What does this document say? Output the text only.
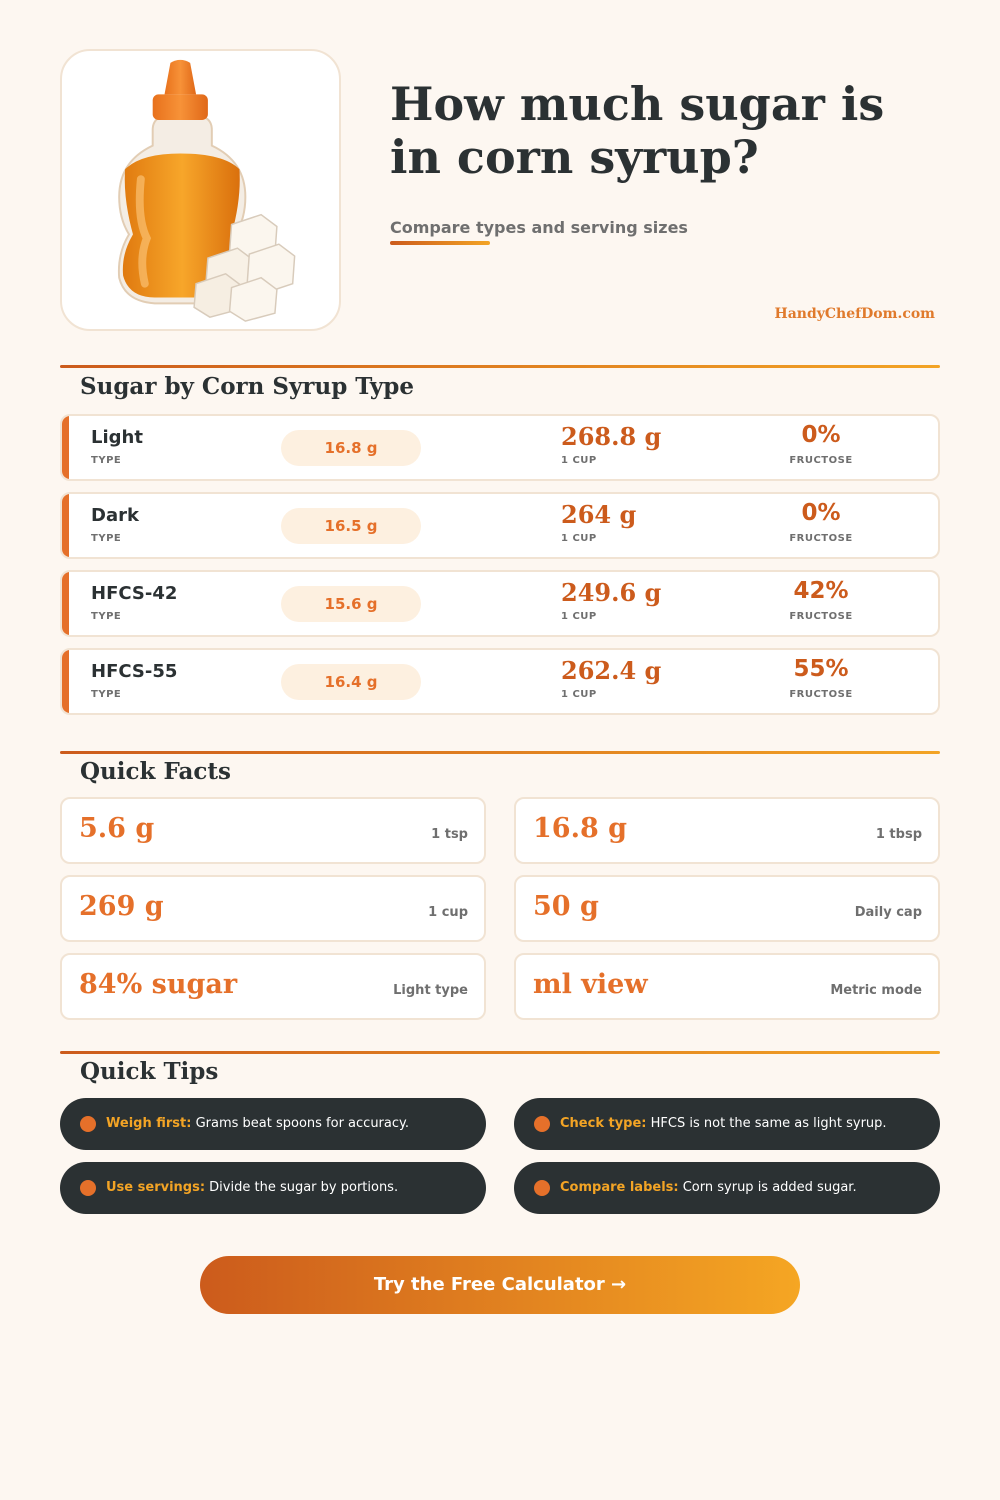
How much sugar is in corn syrup?
Compare types and serving sizes
HandyChefDom.com
Sugar by Corn Syrup Type
Light
TYPE
16.8 g	268.8 g
1 CUP
0%
FRUCTOSE
Dark
TYPE
16.5 g	264 g
1 CUP
0%
FRUCTOSE
HFCS-42
TYPE
15.6 g	249.6 g
1 CUP
42%
FRUCTOSE
HFCS-55
TYPE
16.4 g	262.4 g
1 CUP
55%
FRUCTOSE
Quick Facts
5.6 g	1 tsp 16.8 g	1 tbsp
269 g	1 cup 50 g	Daily cap
84% sugar	Light type ml view	Metric mode
Quick Tips
Weigh first: Grams beat spoons for accuracy.	Check type: HFCS is not the same as light syrup.
Use servings: Divide the sugar by portions.	Compare labels: Corn syrup is added sugar.
Try the Free Calculator →
